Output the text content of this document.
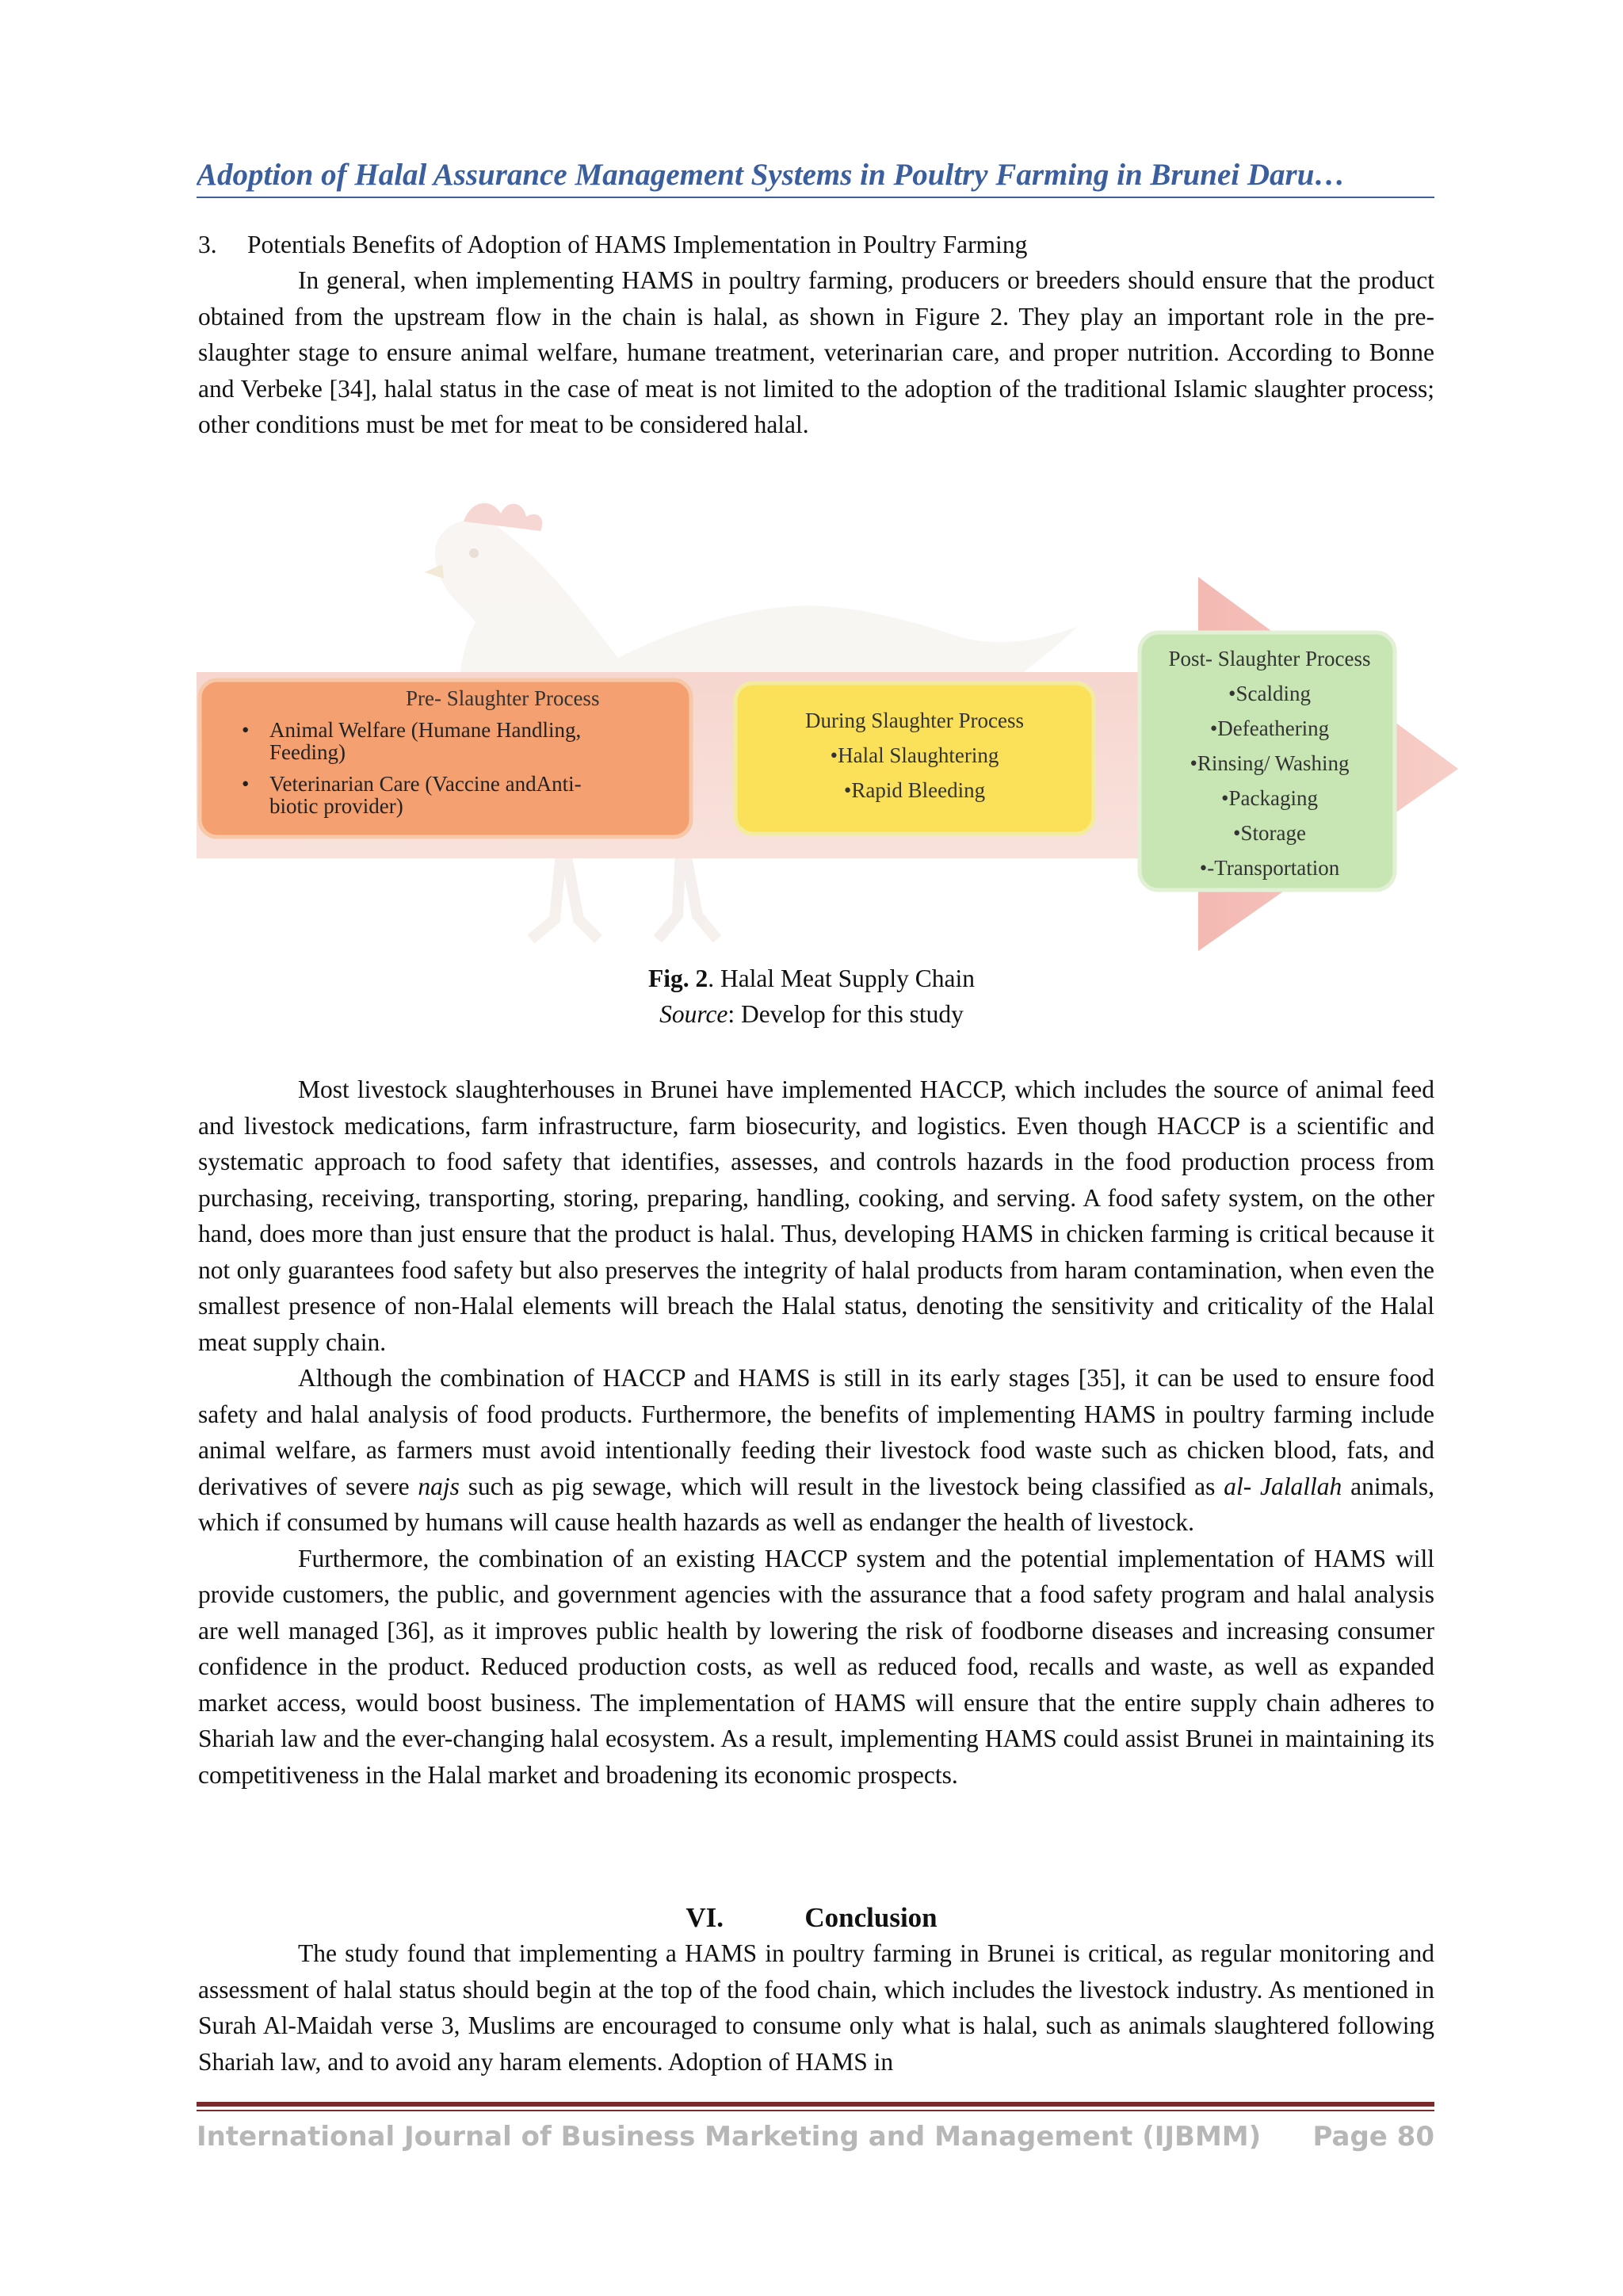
Adoption of Halal Assurance Management Systems in Poultry Farming in Brunei Daru…
3. Potentials Benefits of Adoption of HAMS Implementation in Poultry Farming

In general, when implementing HAMS in poultry farming, producers or breeders should ensure that the product obtained from the upstream flow in the chain is halal, as shown in Figure 2. They play an important role in the pre-slaughter stage to ensure animal welfare, humane treatment, veterinarian care, and proper nutrition. According to Bonne and Verbeke [34], halal status in the case of meat is not limited to the adoption of the traditional Islamic slaughter process; other conditions must be met for meat to be considered halal.

Pre- Slaughter Process
• Animal Welfare (Humane Handling,
Feeding)
• Veterinarian Care (Vaccine andAnti-
biotic provider)
During Slaughter Process
•Halal Slaughtering
•Rapid Bleeding
Post- Slaughter Process
•Scalding
•Defeathering
•Rinsing/ Washing
•Packaging
•Storage
•-Transportation
Fig. 2. Halal Meat Supply Chain
Source: Develop for this study

Most livestock slaughterhouses in Brunei have implemented HACCP, which includes the source of animal feed and livestock medications, farm infrastructure, farm biosecurity, and logistics. Even though HACCP is a scientific and systematic approach to food safety that identifies, assesses, and controls hazards in the food production process from purchasing, receiving, transporting, storing, preparing, handling, cooking, and serving. A food safety system, on the other hand, does more than just ensure that the product is halal. Thus, developing HAMS in chicken farming is critical because it not only guarantees food safety but also preserves the integrity of halal products from haram contamination, when even the smallest presence of non-Halal elements will breach the Halal status, denoting the sensitivity and criticality of the Halal meat supply chain.

Although the combination of HACCP and HAMS is still in its early stages [35], it can be used to ensure food safety and halal analysis of food products. Furthermore, the benefits of implementing HAMS in poultry farming include animal welfare, as farmers must avoid intentionally feeding their livestock food waste such as chicken blood, fats, and derivatives of severe najs such as pig sewage, which will result in the livestock being classified as al- Jalallah animals, which if consumed by humans will cause health hazards as well as endanger the health of livestock.

Furthermore, the combination of an existing HACCP system and the potential implementation of HAMS will provide customers, the public, and government agencies with the assurance that a food safety program and halal analysis are well managed [36], as it improves public health by lowering the risk of foodborne diseases and increasing consumer confidence in the product. Reduced production costs, as well as reduced food, recalls and waste, as well as expanded market access, would boost business. The implementation of HAMS will ensure that the entire supply chain adheres to Shariah law and the ever-changing halal ecosystem. As a result, implementing HAMS could assist Brunei in maintaining its competitiveness in the Halal market and broadening its economic prospects.

VI.	Conclusion

The study found that implementing a HAMS in poultry farming in Brunei is critical, as regular monitoring and assessment of halal status should begin at the top of the food chain, which includes the livestock industry. As mentioned in Surah Al-Maidah verse 3, Muslims are encouraged to consume only what is halal, such as animals slaughtered following Shariah law, and to avoid any haram elements. Adoption of HAMS in

International Journal of Business Marketing and Management (IJBMM) Page 80
